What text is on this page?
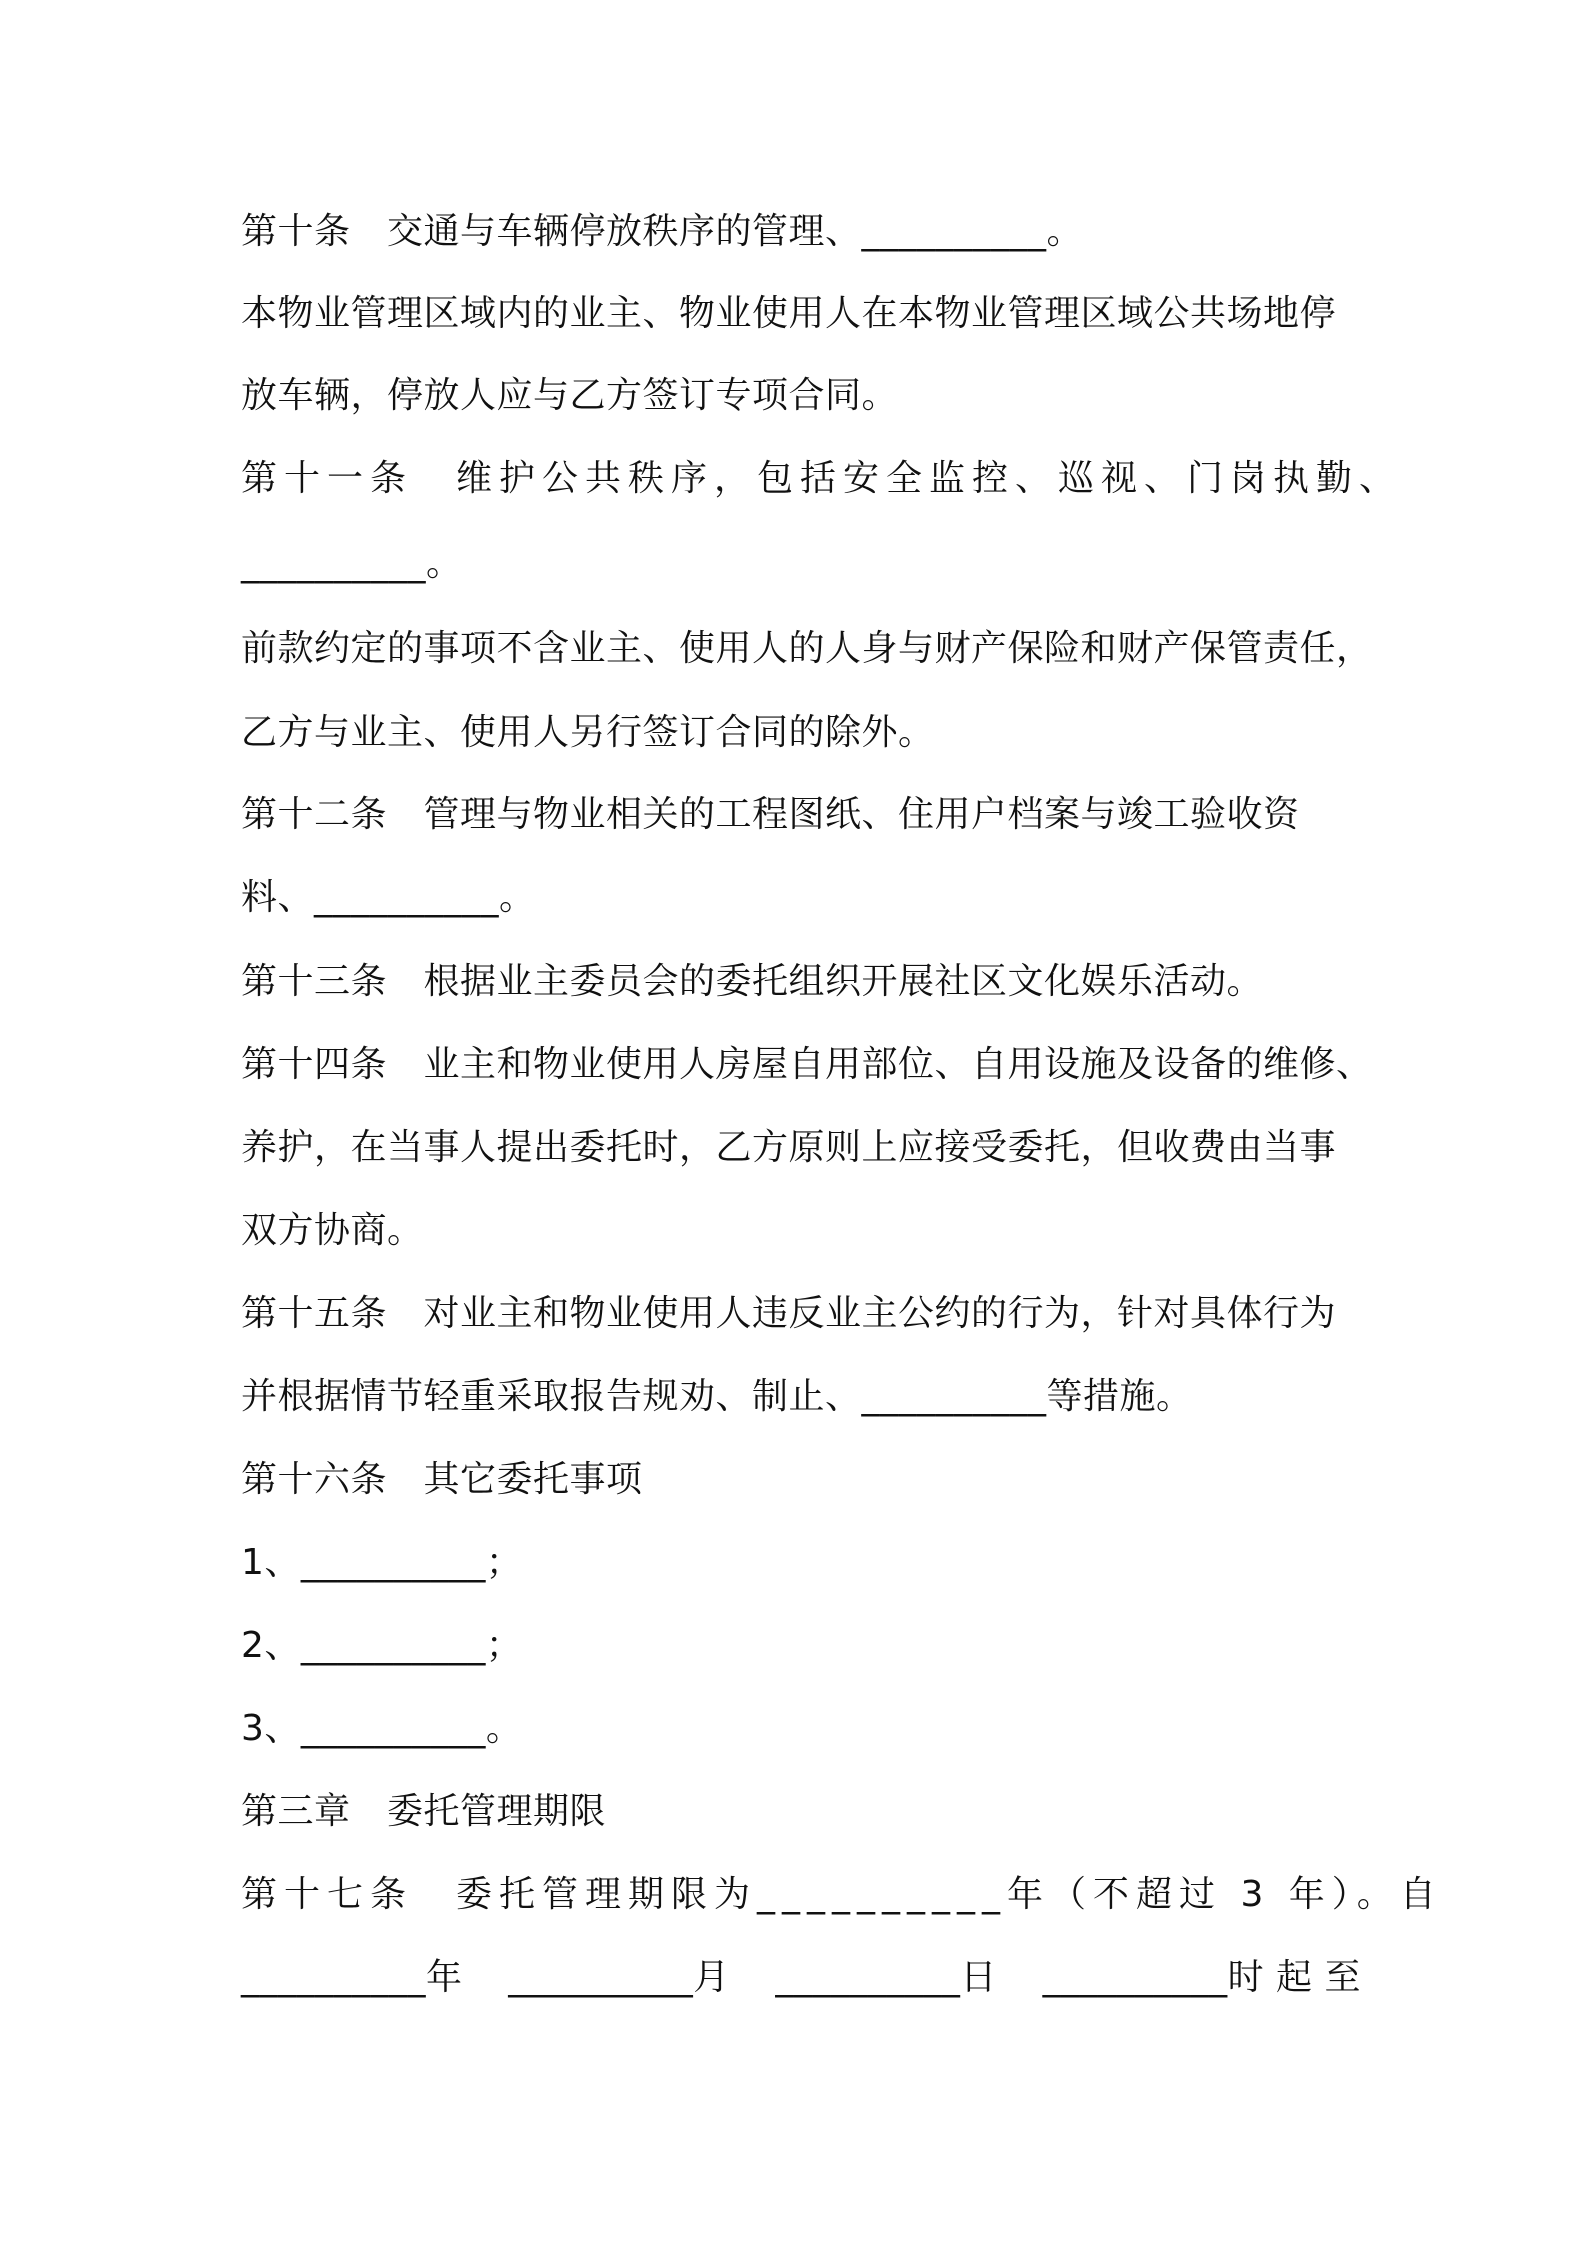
第十条　交通与车辆停放秩序的管理、__________。
本物业管理区域内的业主、物业使用人在本物业管理区域公共场地停
放车辆，停放人应与乙方签订专项合同。
第十一条　维护公共秩序，包括安全监控、巡视、门岗执勤、
__________。
前款约定的事项不含业主、使用人的人身与财产保险和财产保管责任，
乙方与业主、使用人另行签订合同的除外。
第十二条　管理与物业相关的工程图纸、住用户档案与竣工验收资
料、__________。
第十三条　根据业主委员会的委托组织开展社区文化娱乐活动。
第十四条　业主和物业使用人房屋自用部位、自用设施及设备的维修、
养护，在当事人提出委托时，乙方原则上应接受委托，但收费由当事
双方协商。
第十五条　对业主和物业使用人违反业主公约的行为，针对具体行为
并根据情节轻重采取报告规劝、制止、__________等措施。
第十六条　其它委托事项
1、__________；
2、__________；
3、__________。
第三章　委托管理期限
第十七条　委托管理期限为__________年（不超过 3 年）。自
__________年 __________月 __________日 __________时 起 至
